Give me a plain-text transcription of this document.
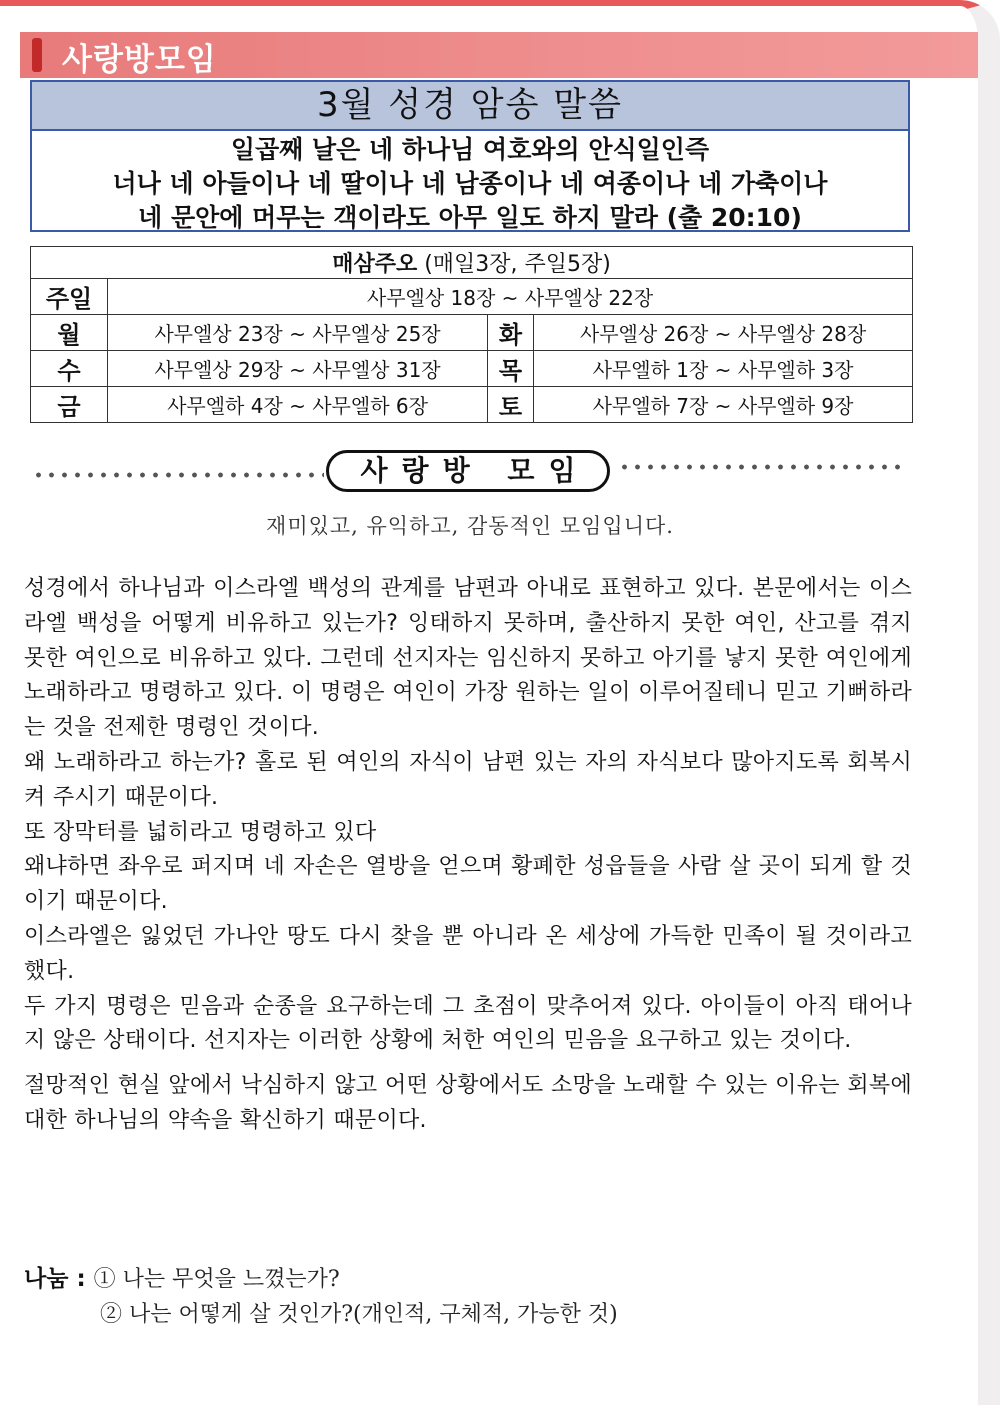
사랑방모임
3월 성경 암송 말씀
일곱째 날은 네 하나님 여호와의 안식일인즉
너나 네 아들이나 네 딸이나 네 남종이나 네 여종이나 네 가축이나
네 문안에 머무는 객이라도 아무 일도 하지 말라 (출 20:10)
매삼주오 (매일3장, 주일5장)			
주일	사무엘상 18장 ~ 사무엘상 22장		
월	사무엘상 23장 ~ 사무엘상 25장	화	사무엘상 26장 ~ 사무엘상 28장
수	사무엘상 29장 ~ 사무엘상 31장	목	사무엘하 1장 ~ 사무엘하 3장
금	사무엘하 4장 ~ 사무엘하 6장	토	사무엘하 7장 ~ 사무엘하 9장
사랑방 모임
재미있고, 유익하고, 감동적인 모임입니다.

성경에서 하나님과 이스라엘 백성의 관계를 남편과 아내로 표현하고 있다. 본문에서는 이스라엘 백성을 어떻게 비유하고 있는가? 잉태하지 못하며, 출산하지 못한 여인, 산고를 겪지 못한 여인으로 비유하고 있다. 그런데 선지자는 임신하지 못하고 아기를 낳지 못한 여인에게 노래하라고 명령하고 있다. 이 명령은 여인이 가장 원하는 일이 이루어질테니 믿고 기뻐하라는 것을 전제한 명령인 것이다.

왜 노래하라고 하는가? 홀로 된 여인의 자식이 남편 있는 자의 자식보다 많아지도록 회복시켜 주시기 때문이다.

또 장막터를 넓히라고 명령하고 있다

왜냐하면 좌우로 퍼지며 네 자손은 열방을 얻으며 황폐한 성읍들을 사람 살 곳이 되게 할 것이기 때문이다.

이스라엘은 잃었던 가나안 땅도 다시 찾을 뿐 아니라 온 세상에 가득한 민족이 될 것이라고 했다.

두 가지 명령은 믿음과 순종을 요구하는데 그 초점이 맞추어져 있다. 아이들이 아직 태어나지 않은 상태이다. 선지자는 이러한 상황에 처한 여인의 믿음을 요구하고 있는 것이다.

절망적인 현실 앞에서 낙심하지 않고 어떤 상황에서도 소망을 노래할 수 있는 이유는 회복에 대한 하나님의 약속을 확신하기 때문이다.

나눔 : ① 나는 무엇을 느꼈는가?
② 나는 어떻게 살 것인가?(개인적, 구체적, 가능한 것)
